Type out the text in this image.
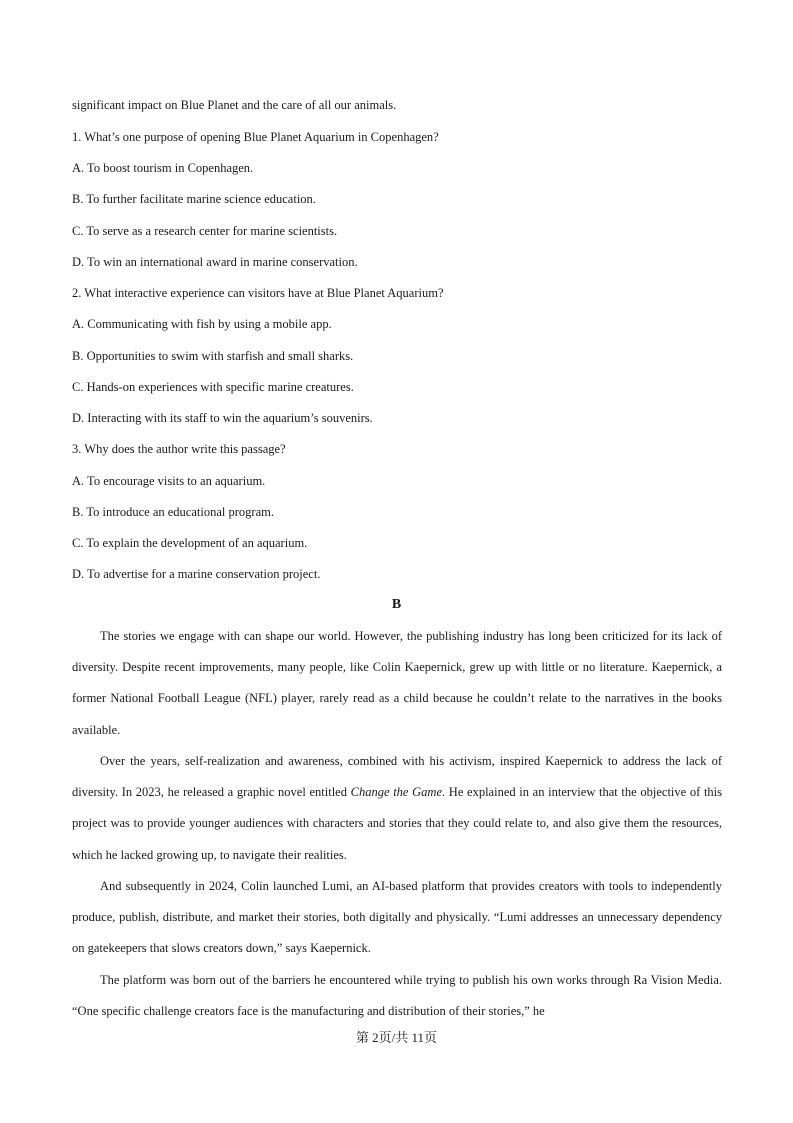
significant impact on Blue Planet and the care of all our animals.
1. What’s one purpose of opening Blue Planet Aquarium in Copenhagen?
A. To boost tourism in Copenhagen.
B. To further facilitate marine science education.
C. To serve as a research center for marine scientists.
D. To win an international award in marine conservation.
2. What interactive experience can visitors have at Blue Planet Aquarium?
A. Communicating with fish by using a mobile app.
B. Opportunities to swim with starfish and small sharks.
C. Hands-on experiences with specific marine creatures.
D. Interacting with its staff to win the aquarium’s souvenirs.
3. Why does the author write this passage?
A. To encourage visits to an aquarium.
B. To introduce an educational program.
C. To explain the development of an aquarium.
D. To advertise for a marine conservation project.
B
The stories we engage with can shape our world. However, the publishing industry has long been criticized for its lack of diversity. Despite recent improvements, many people, like Colin Kaepernick, grew up with little or no literature. Kaepernick, a former National Football League (NFL) player, rarely read as a child because he couldn’t relate to the narratives in the books available.
Over the years, self-realization and awareness, combined with his activism, inspired Kaepernick to address the lack of diversity. In 2023, he released a graphic novel entitled Change the Game. He explained in an interview that the objective of this project was to provide younger audiences with characters and stories that they could relate to, and also give them the resources, which he lacked growing up, to navigate their realities.
And subsequently in 2024, Colin launched Lumi, an AI-based platform that provides creators with tools to independently produce, publish, distribute, and market their stories, both digitally and physically. “Lumi addresses an unnecessary dependency on gatekeepers that slows creators down,” says Kaepernick.
The platform was born out of the barriers he encountered while trying to publish his own works through Ra Vision Media. “One specific challenge creators face is the manufacturing and distribution of their stories,” he
第 2页/共 11页
